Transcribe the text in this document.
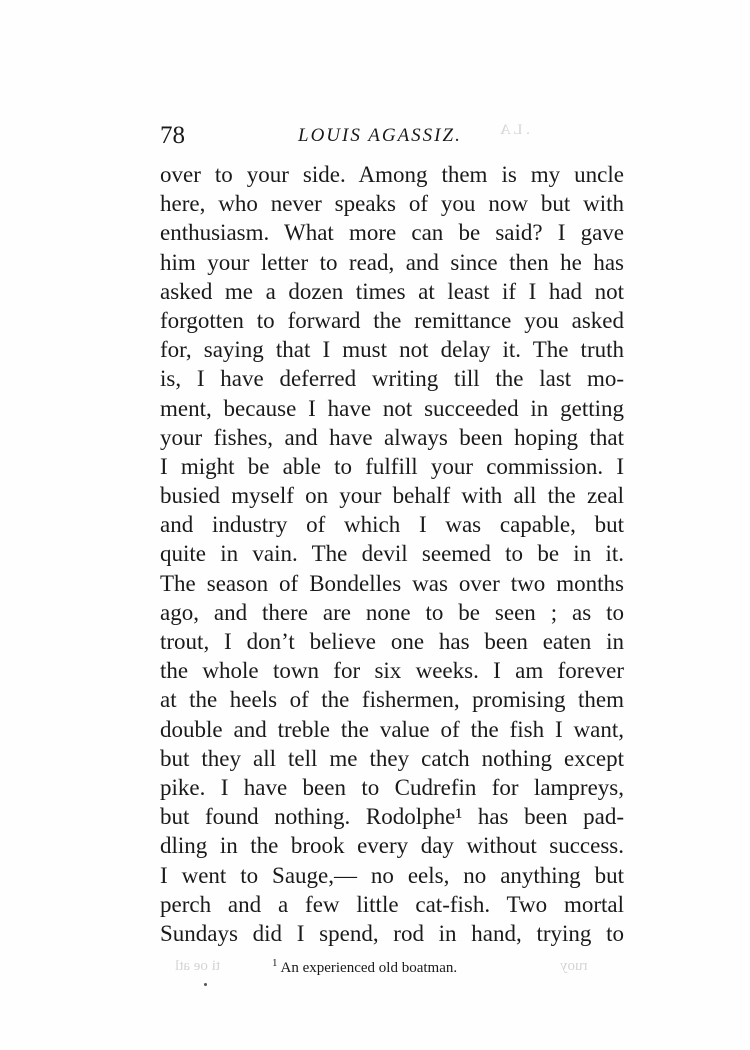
ti oe atl	ruoy
. L A
78	LOUIS AGASSIZ.
over to your side. Among them is my uncle
here, who never speaks of you now but with
enthusiasm. What more can be said? I gave
him your letter to read, and since then he has
asked me a dozen times at least if I had not
forgotten to forward the remittance you asked
for, saying that I must not delay it. The truth
is, I have deferred writing till the last mo-
ment, because I have not succeeded in getting
your fishes, and have always been hoping that
I might be able to fulfill your commission. I
busied myself on your behalf with all the zeal
and industry of which I was capable, but
quite in vain. The devil seemed to be in it.
The season of Bondelles was over two months
ago, and there are none to be seen ; as to
trout, I don’t believe one has been eaten in
the whole town for six weeks. I am forever
at the heels of the fishermen, promising them
double and treble the value of the fish I want,
but they all tell me they catch nothing except
pike. I have been to Cudrefin for lampreys,
but found nothing. Rodolphe¹ has been pad-
dling in the brook every day without success.
I went to Sauge,— no eels, no anything but
perch and a few little cat-fish. Two mortal
Sundays did I spend, rod in hand, trying to
$^1$ An experienced old boatman.
